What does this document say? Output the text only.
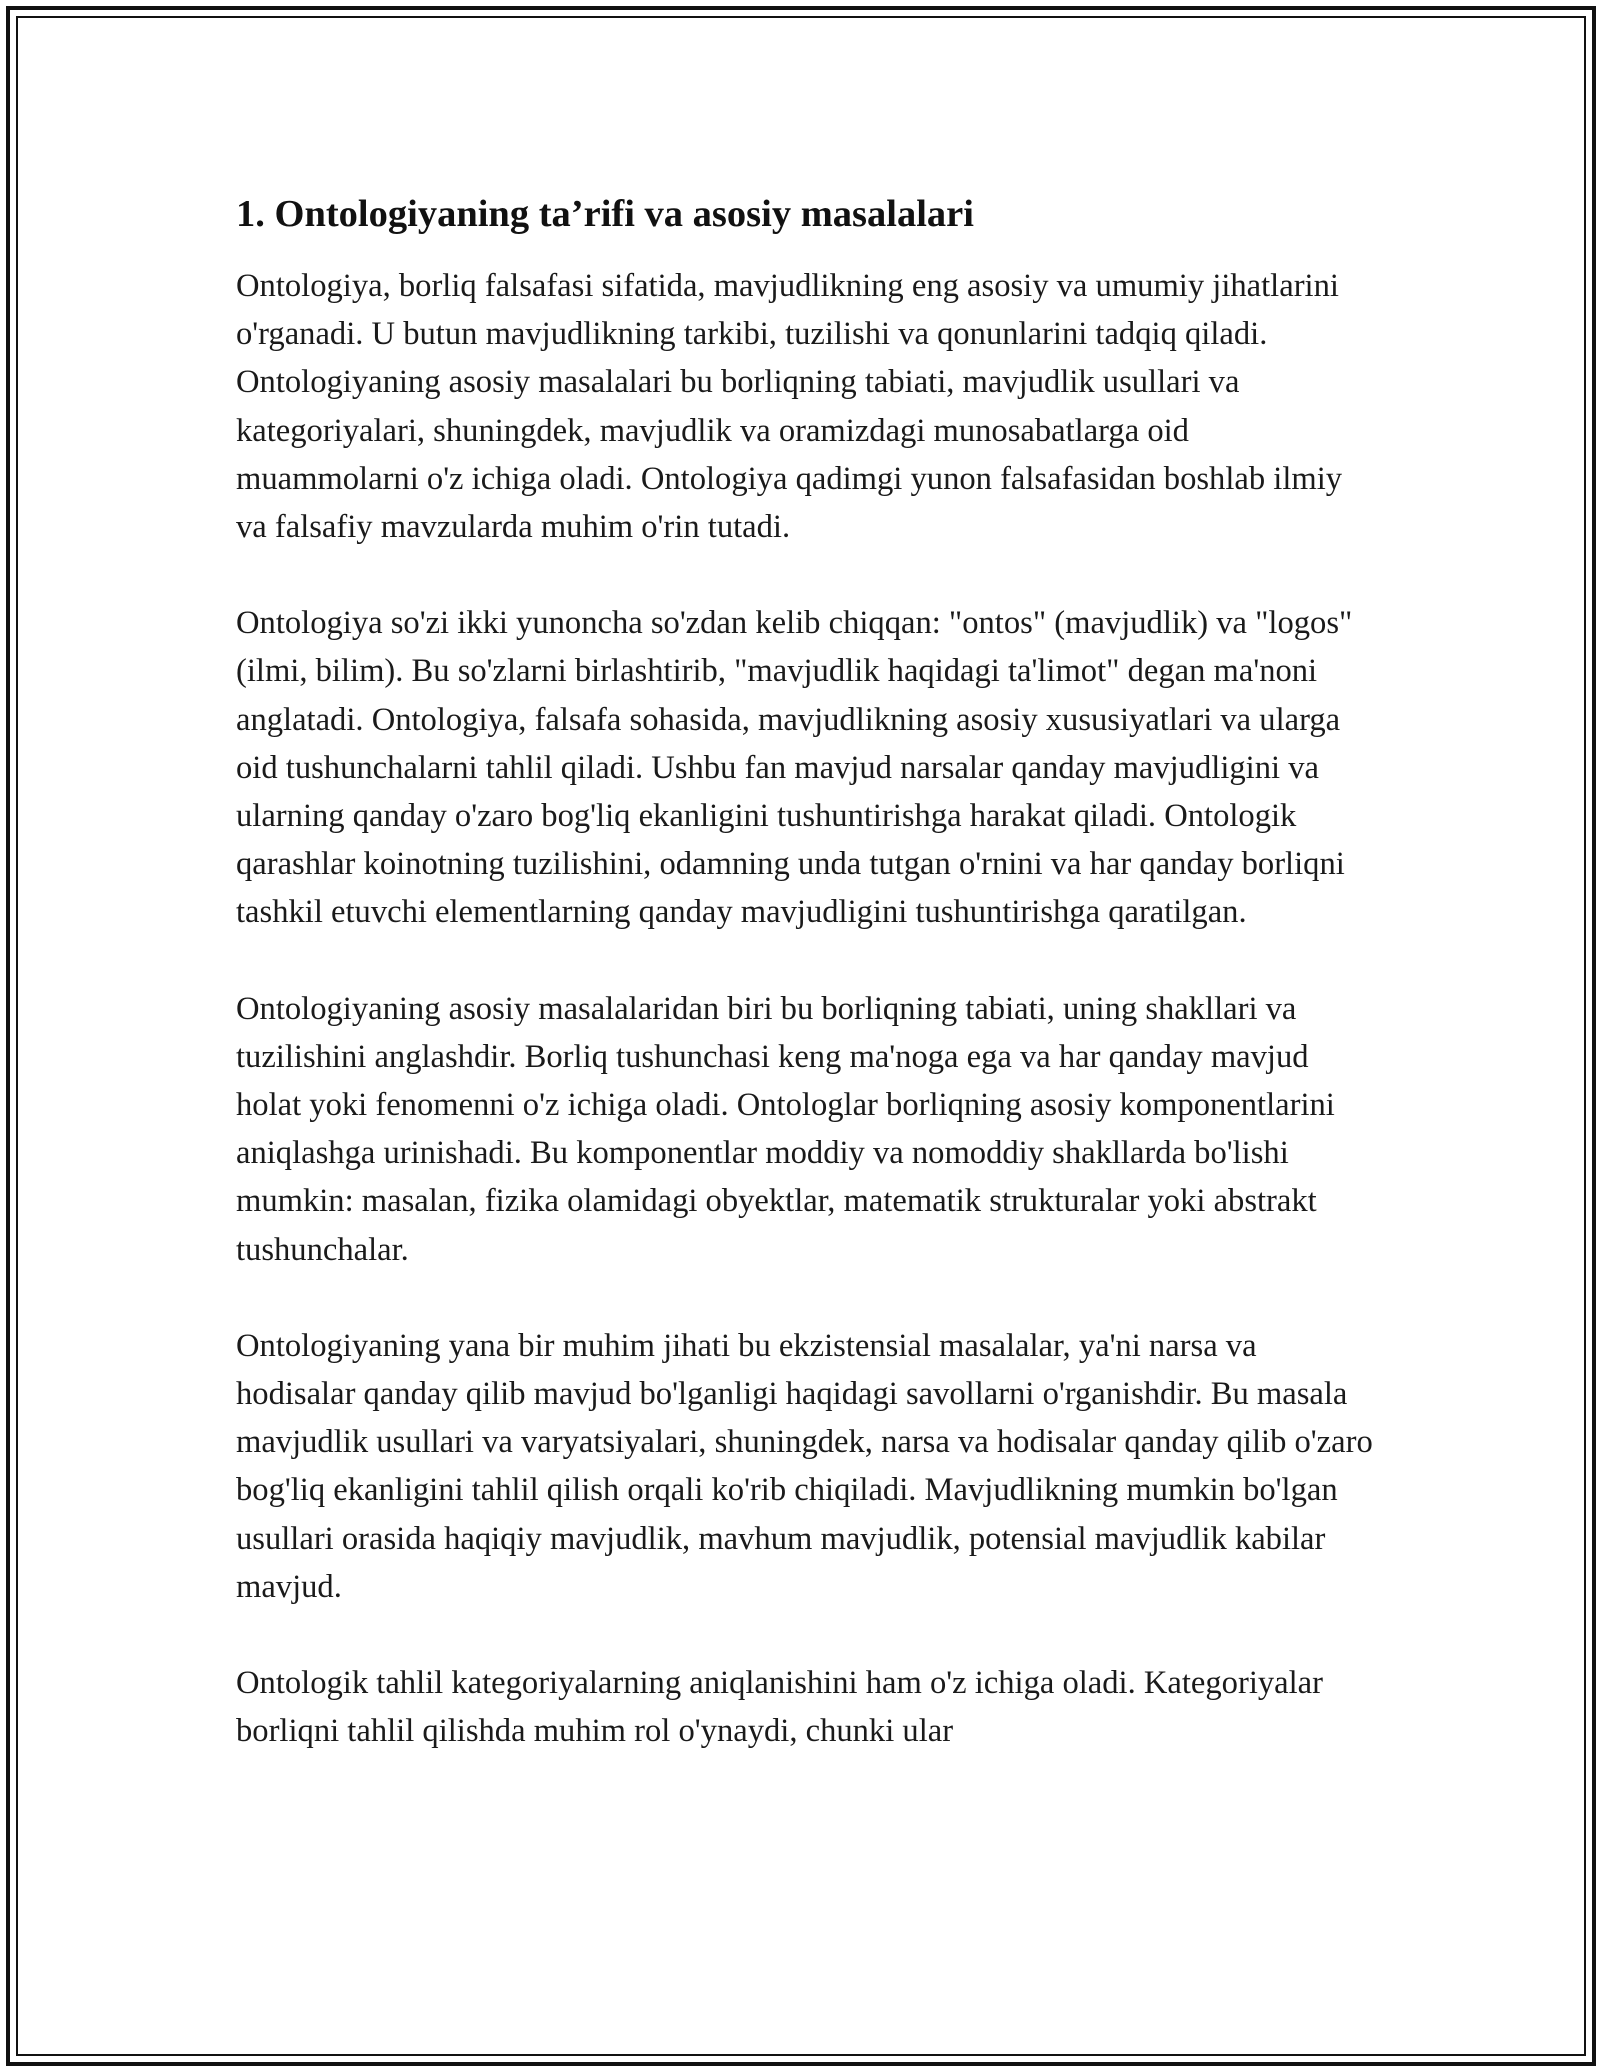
1. Ontologiyaning ta’rifi va asosiy masalalari

Ontologiya, borliq falsafasi sifatida, mavjudlikning eng asosiy va umumiy jihatlarini o'rganadi. U butun mavjudlikning tarkibi, tuzilishi va qonunlarini tadqiq qiladi. Ontologiyaning asosiy masalalari bu borliqning tabiati, mavjudlik usullari va kategoriyalari, shuningdek, mavjudlik va oramizdagi munosabatlarga oid muammolarni o'z ichiga oladi. Ontologiya qadimgi yunon falsafasidan boshlab ilmiy va falsafiy mavzularda muhim o'rin tutadi.

Ontologiya so'zi ikki yunoncha so'zdan kelib chiqqan: "ontos" (mavjudlik) va "logos" (ilmi, bilim). Bu so'zlarni birlashtirib, "mavjudlik haqidagi ta'limot" degan ma'noni anglatadi. Ontologiya, falsafa sohasida, mavjudlikning asosiy xususiyatlari va ularga oid tushunchalarni tahlil qiladi. Ushbu fan mavjud narsalar qanday mavjudligini va ularning qanday o'zaro bog'liq ekanligini tushuntirishga harakat qiladi. Ontologik qarashlar koinotning tuzilishini, odamning unda tutgan o'rnini va har qanday borliqni tashkil etuvchi elementlarning qanday mavjudligini tushuntirishga qaratilgan.

Ontologiyaning asosiy masalalaridan biri bu borliqning tabiati, uning shakllari va tuzilishini anglashdir. Borliq tushunchasi keng ma'noga ega va har qanday mavjud holat yoki fenomenni o'z ichiga oladi. Ontologlar borliqning asosiy komponentlarini aniqlashga urinishadi. Bu komponentlar moddiy va nomoddiy shakllarda bo'lishi mumkin: masalan, fizika olamidagi obyektlar, matematik strukturalar yoki abstrakt tushunchalar.

Ontologiyaning yana bir muhim jihati bu ekzistensial masalalar, ya'ni narsa va hodisalar qanday qilib mavjud bo'lganligi haqidagi savollarni o'rganishdir. Bu masala mavjudlik usullari va varyatsiyalari, shuningdek, narsa va hodisalar qanday qilib o'zaro bog'liq ekanligini tahlil qilish orqali ko'rib chiqiladi. Mavjudlikning mumkin bo'lgan usullari orasida haqiqiy mavjudlik, mavhum mavjudlik, potensial mavjudlik kabilar mavjud.

Ontologik tahlil kategoriyalarning aniqlanishini ham o'z ichiga oladi. Kategoriyalar borliqni tahlil qilishda muhim rol o'ynaydi, chunki ular
